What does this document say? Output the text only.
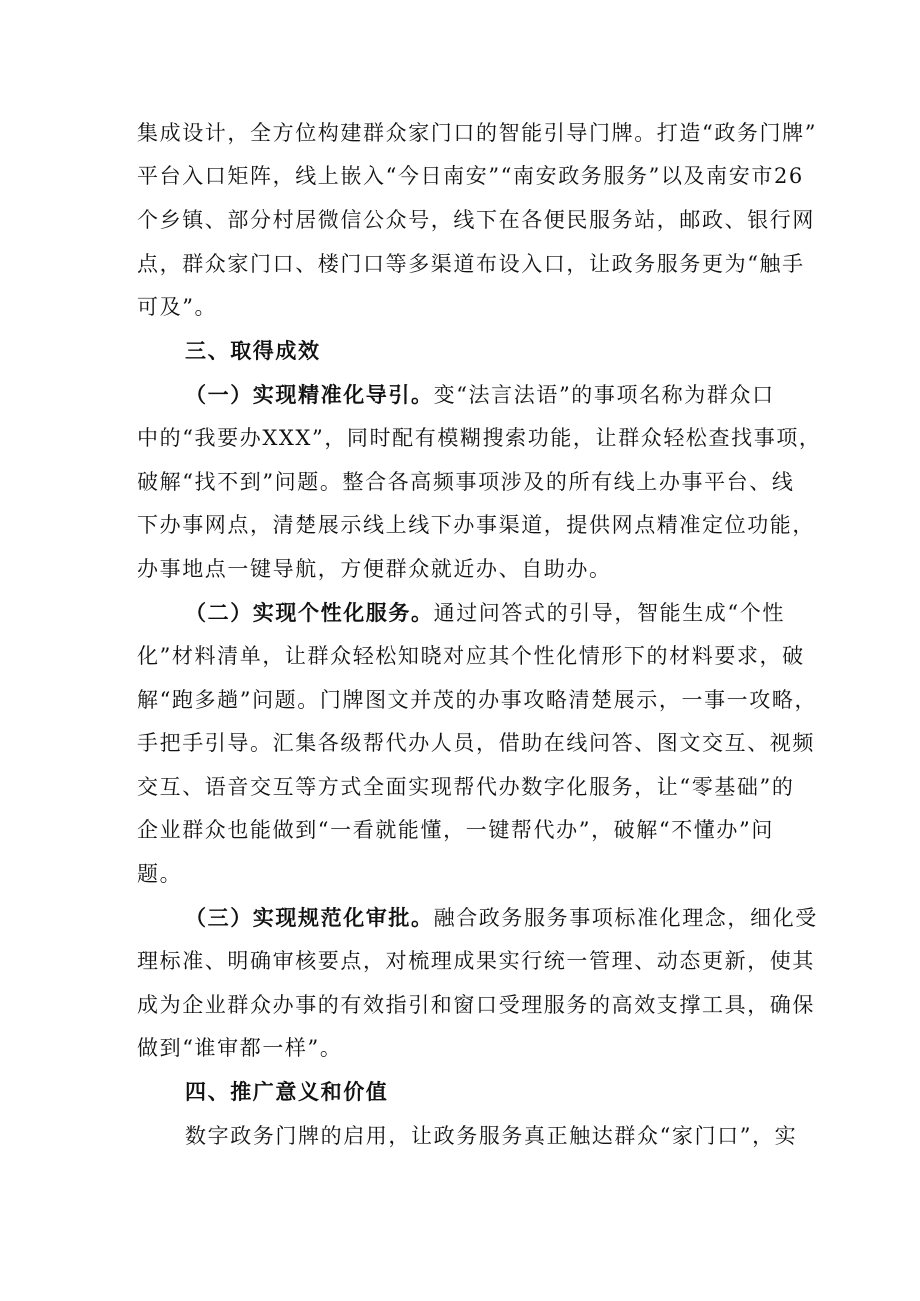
集成设计，全方位构建群众家门口的智能引导门牌。打造“政务门牌”
平台入口矩阵，线上嵌入“今日南安”“南安政务服务”以及南安市26
个乡镇、部分村居微信公众号，线下在各便民服务站，邮政、银行网
点，群众家门口、楼门口等多渠道布设入口，让政务服务更为“触手
可及”。
三、取得成效
（一）实现精准化导引。变“法言法语”的事项名称为群众口
中的“我要办XXX”，同时配有模糊搜索功能，让群众轻松查找事项，
破解“找不到”问题。整合各高频事项涉及的所有线上办事平台、线
下办事网点，清楚展示线上线下办事渠道，提供网点精准定位功能，
办事地点一键导航，方便群众就近办、自助办。
（二）实现个性化服务。通过问答式的引导，智能生成“个性
化”材料清单，让群众轻松知晓对应其个性化情形下的材料要求，破
解“跑多趟”问题。门牌图文并茂的办事攻略清楚展示，一事一攻略，
手把手引导。汇集各级帮代办人员，借助在线问答、图文交互、视频
交互、语音交互等方式全面实现帮代办数字化服务，让“零基础”的
企业群众也能做到“一看就能懂，一键帮代办”，破解“不懂办”问
题。
（三）实现规范化审批。融合政务服务事项标准化理念，细化受
理标准、明确审核要点，对梳理成果实行统一管理、动态更新，使其
成为企业群众办事的有效指引和窗口受理服务的高效支撑工具，确保
做到“谁审都一样”。
四、推广意义和价值
数字政务门牌的启用，让政务服务真正触达群众“家门口”，实
